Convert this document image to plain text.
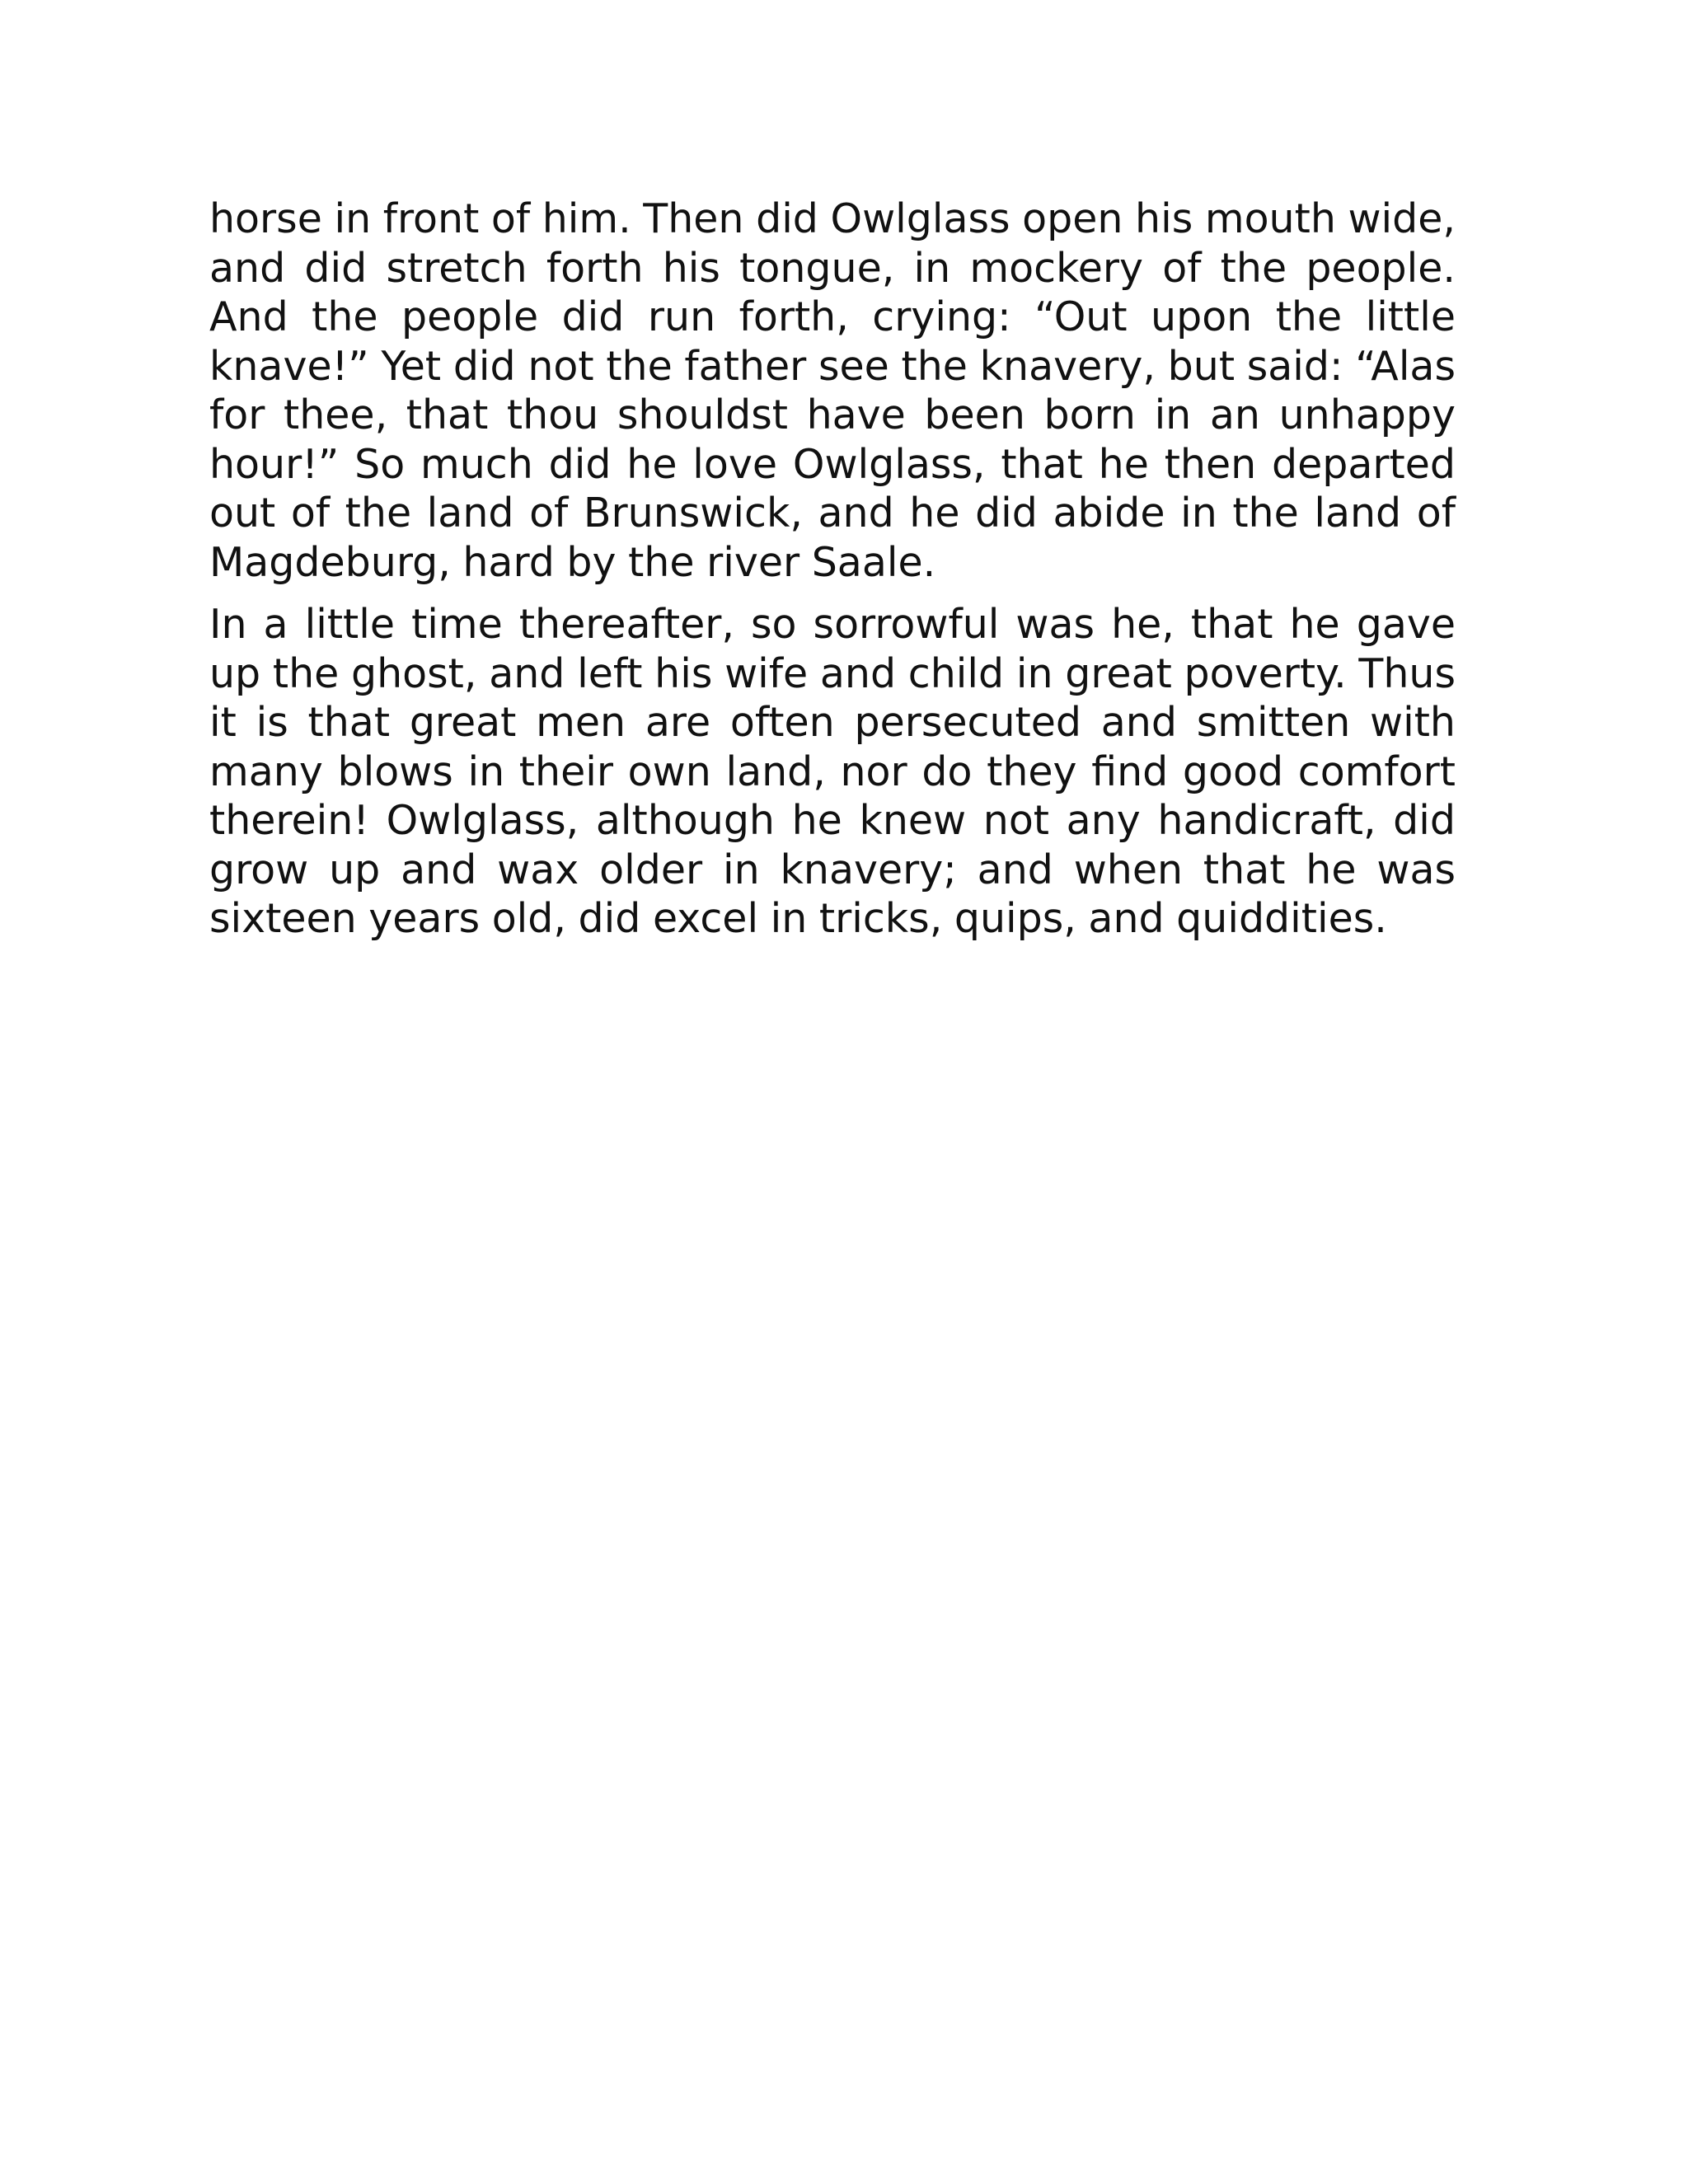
horse in front of him. Then did Owlglass open his mouth wide, and did stretch forth his tongue, in mockery of the people. And the people did run forth, crying: “Out upon the little knave!” Yet did not the father see the knavery, but said: “Alas for thee, that thou shouldst have been born in an unhappy hour!” So much did he love Owlglass, that he then departed out of the land of Brunswick, and he did abide in the land of Magdeburg, hard by the river Saale.

In a little time thereafter, so sorrowful was he, that he gave up the ghost, and left his wife and child in great poverty. Thus it is that great men are often persecuted and smitten with many blows in their own land, nor do they find good comfort therein! Owlglass, although he knew not any handicraft, did grow up and wax older in knavery; and when that he was sixteen years old, did excel in tricks, quips, and quiddities.
